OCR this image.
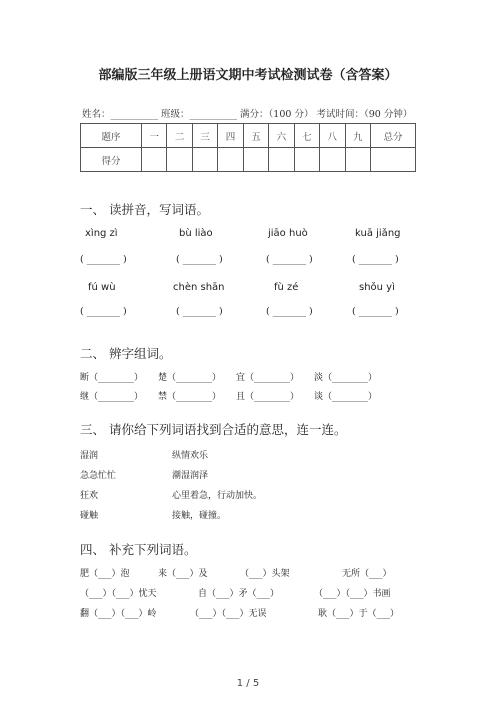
部编版三年级上册语文期中考试检测试卷（含答案）
姓名：__________ 班级：__________ 满分：（100 分） 考试时间：（90 分钟）
题序	一	二	三	四	五	六	七	八	九	总分
得分										
一、 读拼音，写词语。
xìng zì	bù liào	jiāo huò	kuā jiǎng
( _______ )	( _______ )	( _______ )	( _______ )
fú wù	chèn shān	fù zé	shǒu yì
( _______ )	( _______ )	( _______ )	( _______ )
二、 辨字组词。
断（________） 楚（________） 宜（________） 淡（________）
继（________） 禁（________） 且（________） 谈（________）
三、 请你给下列词语找到合适的意思，连一连。
湿润
急急忙忙
狂欢
碰触
纵情欢乐
潮湿润泽
心里着急，行动加快。
接触，碰撞。
四、 补充下列词语。
肥（___）泡	来（___）及	（___）头架	无所（___）
（___）（___）忧天	自（___）矛（___）	（___）（___）书画
翻（___）（___）岭	（___）（___）无误	耿（___）于（___）
1 / 5
